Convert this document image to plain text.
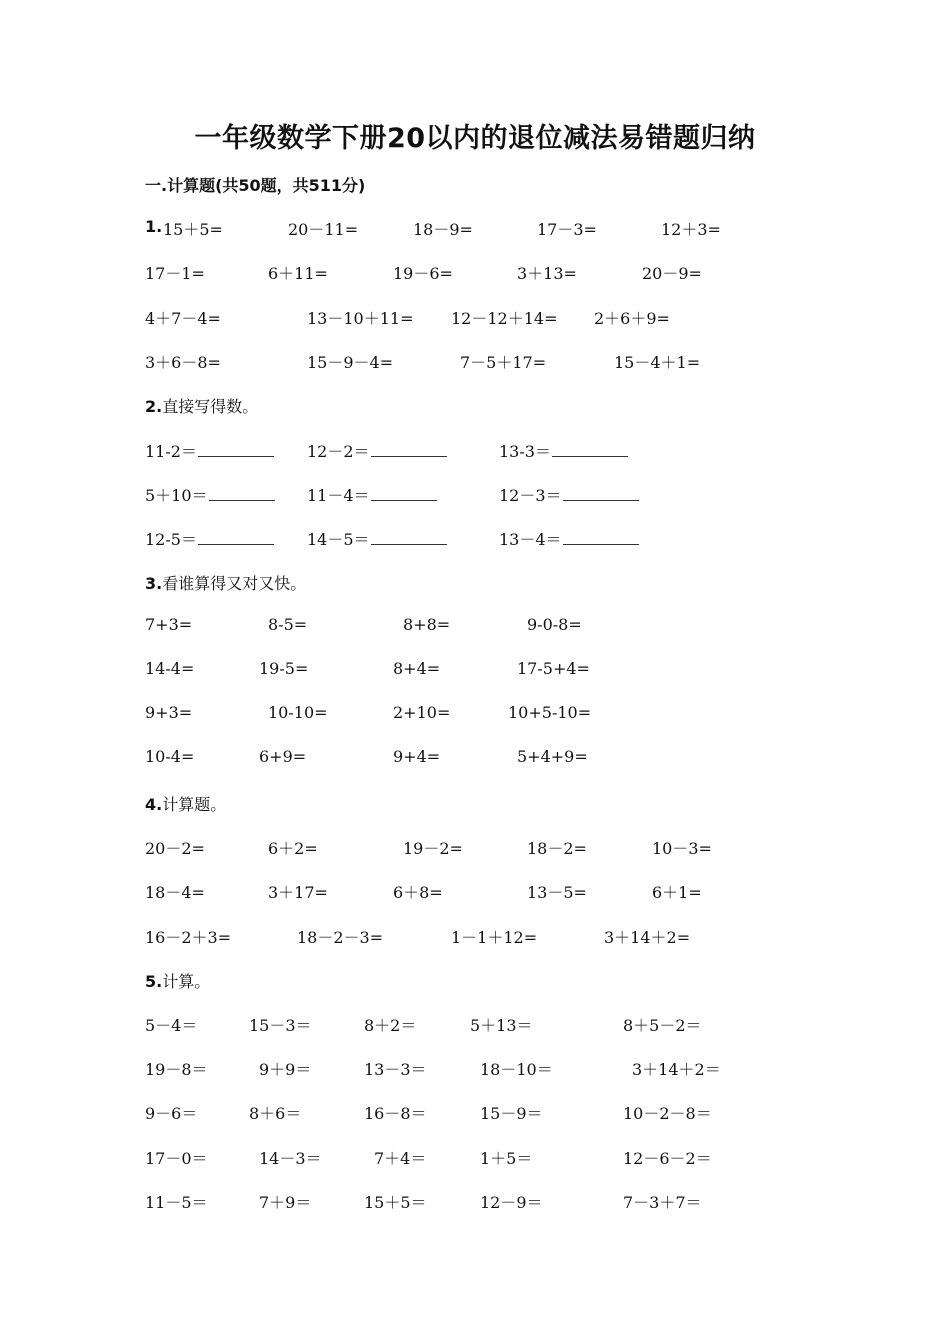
一年级数学下册20以内的退位减法易错题归纳
一.计算题(共50题，共511分)
1. 15＋5=	20－11=	18－9=	17－3=	12＋3=
17－1=	6＋11=	19－6=	3＋13=	20－9=
4＋7－4=	13－10＋11= 12－12＋14= 2＋6＋9=
3＋6－8=	15－9－4=	7－5＋17=	15－4＋1=
2.直接写得数。
11-2＝	12－2＝	13-3＝
5＋10＝	11－4＝	12－3＝
12-5＝	14－5＝	13－4＝
3.看谁算得又对又快。
7+3=	8-5=	8+8=	9-0-8=
14-4=	19-5=	8+4=	17-5+4=
9+3=	10-10=	2+10=	10+5-10=
10-4=	6+9=	9+4=	5+4+9=
4.计算题。
20－2=	6＋2=	19－2=	18－2=	10－3=
18－4=	3＋17=	6＋8=	13－5=	6＋1=
16－2＋3=	18－2－3=	1－1＋12=	3＋14＋2=
5.计算。
5－4＝	15－3＝	8＋2＝	5＋13＝	8＋5－2＝
19－8＝	9＋9＝	13－3＝	18－10＝	3＋14＋2＝
9－6＝	8＋6＝	16－8＝	15－9＝	10－2－8＝
17－0＝	14－3＝	7＋4＝	1＋5＝	12－6－2＝
11－5＝	7＋9＝	15＋5＝	12－9＝	7－3＋7＝
